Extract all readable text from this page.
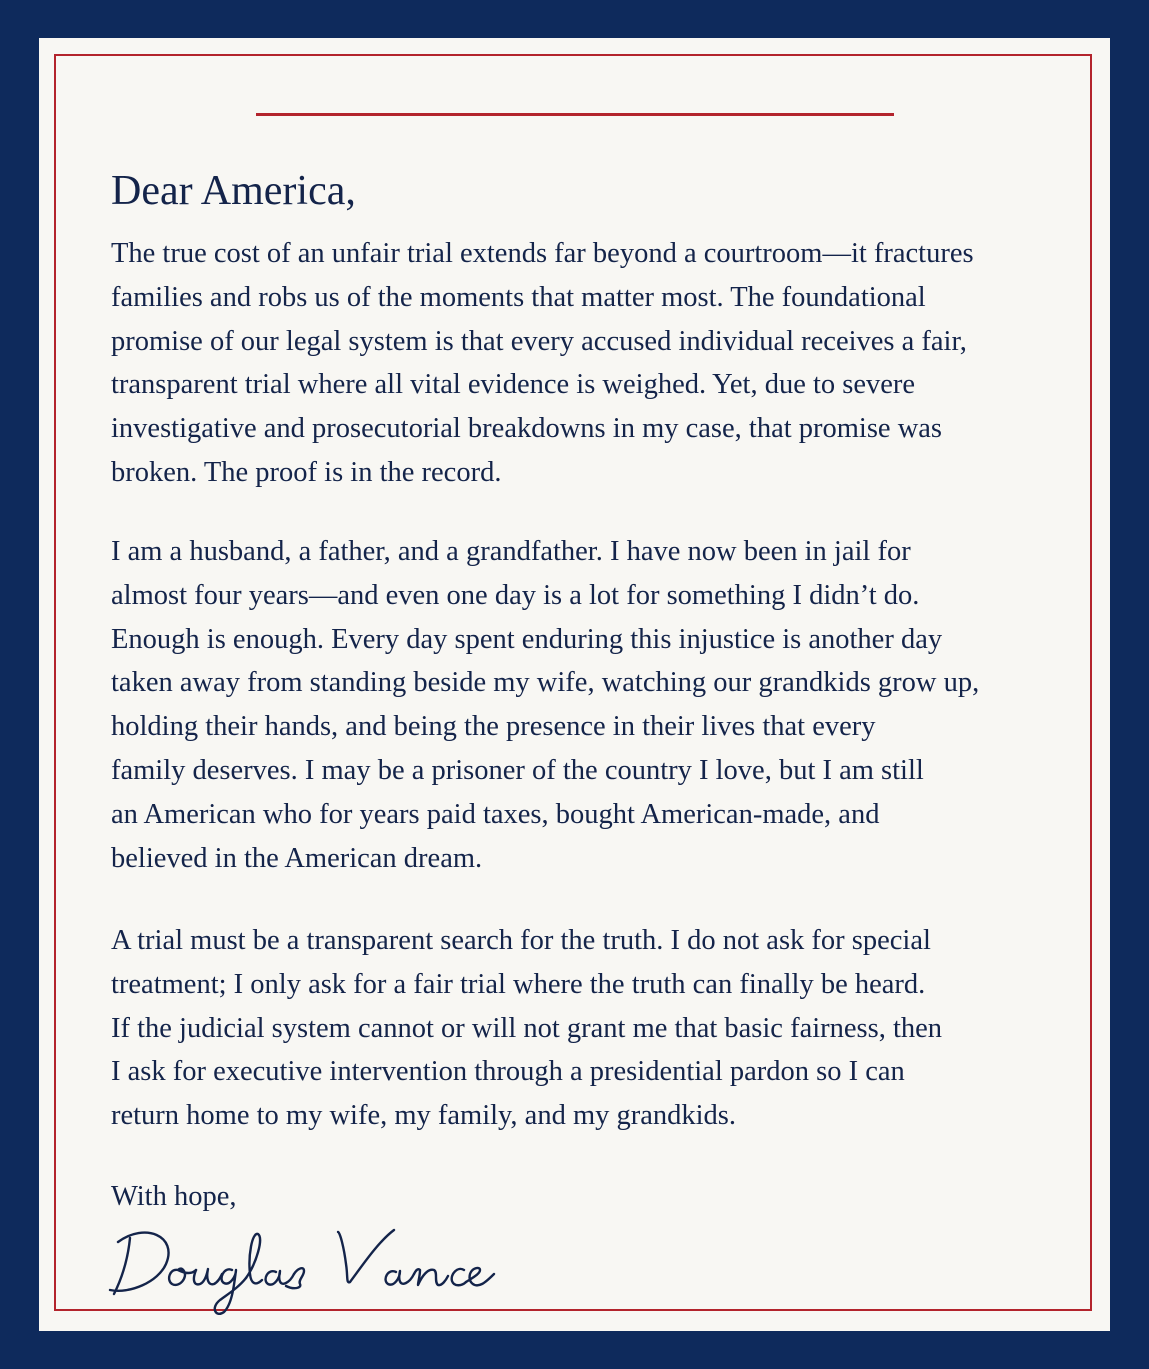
Dear America,

The true cost of an unfair trial extends far beyond a courtroom—it fractures
families and robs us of the moments that matter most. The foundational
promise of our legal system is that every accused individual receives a fair,
transparent trial where all vital evidence is weighed. Yet, due to severe
investigative and prosecutorial breakdowns in my case, that promise was
broken. The proof is in the record.

I am a husband, a father, and a grandfather. I have now been in jail for
almost four years—and even one day is a lot for something I didn’t do.
Enough is enough. Every day spent enduring this injustice is another day
taken away from standing beside my wife, watching our grandkids grow up,
holding their hands, and being the presence in their lives that every
family deserves. I may be a prisoner of the country I love, but I am still
an American who for years paid taxes, bought American-made, and
believed in the American dream.

A trial must be a transparent search for the truth. I do not ask for special
treatment; I only ask for a fair trial where the truth can finally be heard.
If the judicial system cannot or will not grant me that basic fairness, then
I ask for executive intervention through a presidential pardon so I can
return home to my wife, my family, and my grandkids.

With hope,
